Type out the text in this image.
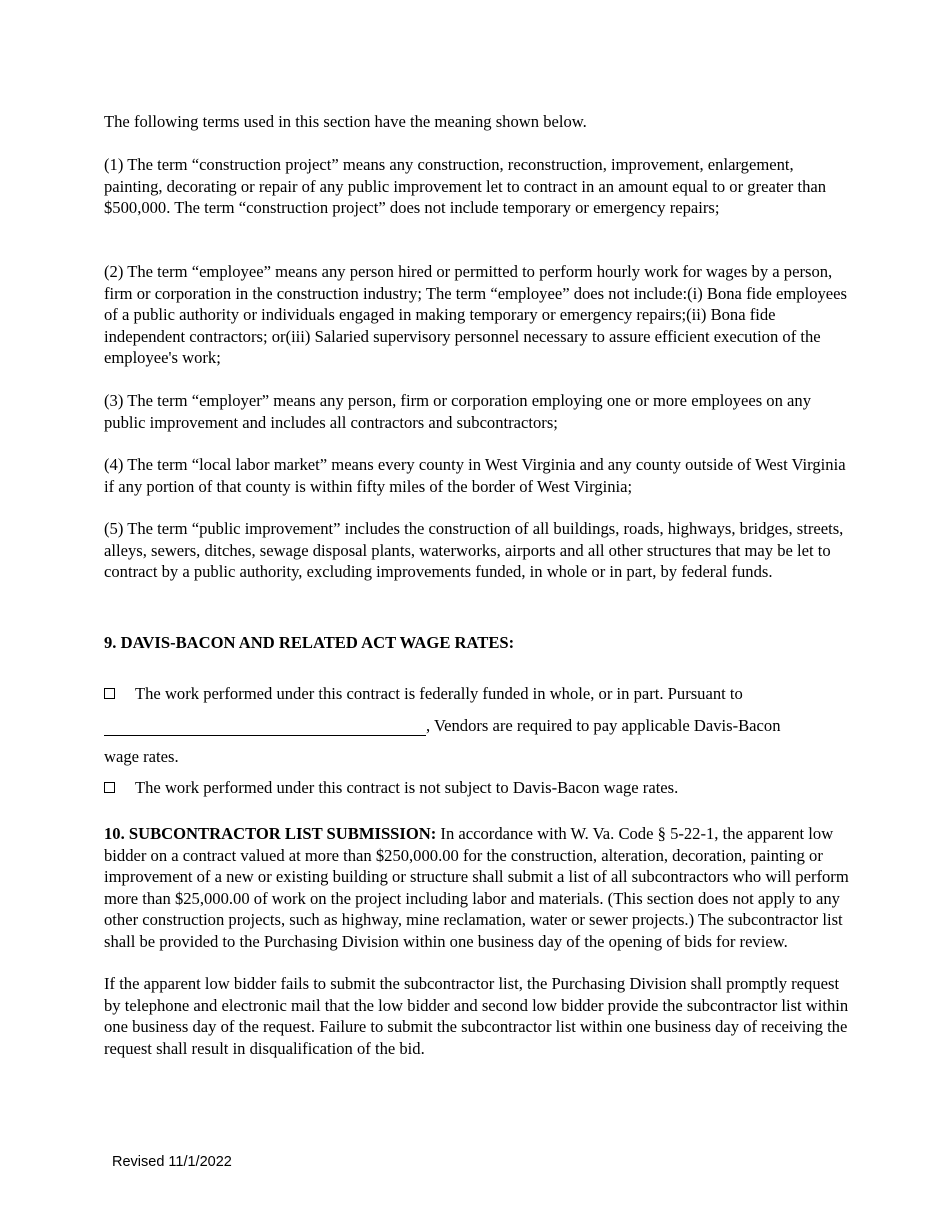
The following terms used in this section have the meaning shown below.

(1) The term “construction project” means any construction, reconstruction, improvement, enlargement, painting, decorating or repair of any public improvement let to contract in an amount equal to or greater than $500,000. The term “construction project” does not include temporary or emergency repairs;

(2) The term “employee” means any person hired or permitted to perform hourly work for wages by a person, firm or corporation in the construction industry; The term “employee” does not include:(i) Bona fide employees of a public authority or individuals engaged in making temporary or emergency repairs;(ii) Bona fide independent contractors; or(iii) Salaried supervisory personnel necessary to assure efficient execution of the employee's work;

(3) The term “employer” means any person, firm or corporation employing one or more employees on any public improvement and includes all contractors and subcontractors;

(4) The term “local labor market” means every county in West Virginia and any county outside of West Virginia if any portion of that county is within fifty miles of the border of West Virginia;

(5) The term “public improvement” includes the construction of all buildings, roads, highways, bridges, streets, alleys, sewers, ditches, sewage disposal plants, waterworks, airports and all other structures that may be let to contract by a public authority, excluding improvements funded, in whole or in part, by federal funds.

9. DAVIS-BACON AND RELATED ACT WAGE RATES:

The work performed under this contract is federally funded in whole, or in part. Pursuant to
, Vendors are required to pay applicable Davis-Bacon

wage rates.

The work performed under this contract is not subject to Davis-Bacon wage rates.

10. SUBCONTRACTOR LIST SUBMISSION: In accordance with W. Va. Code § 5-22-1, the apparent low bidder on a contract valued at more than $250,000.00 for the construction, alteration, decoration, painting or improvement of a new or existing building or structure shall submit a list of all subcontractors who will perform more than $25,000.00 of work on the project including labor and materials. (This section does not apply to any other construction projects, such as highway, mine reclamation, water or sewer projects.) The subcontractor list shall be provided to the Purchasing Division within one business day of the opening of bids for review.

If the apparent low bidder fails to submit the subcontractor list, the Purchasing Division shall promptly request by telephone and electronic mail that the low bidder and second low bidder provide the subcontractor list within one business day of the request. Failure to submit the subcontractor list within one business day of receiving the request shall result in disqualification of the bid.

Revised 11/1/2022
